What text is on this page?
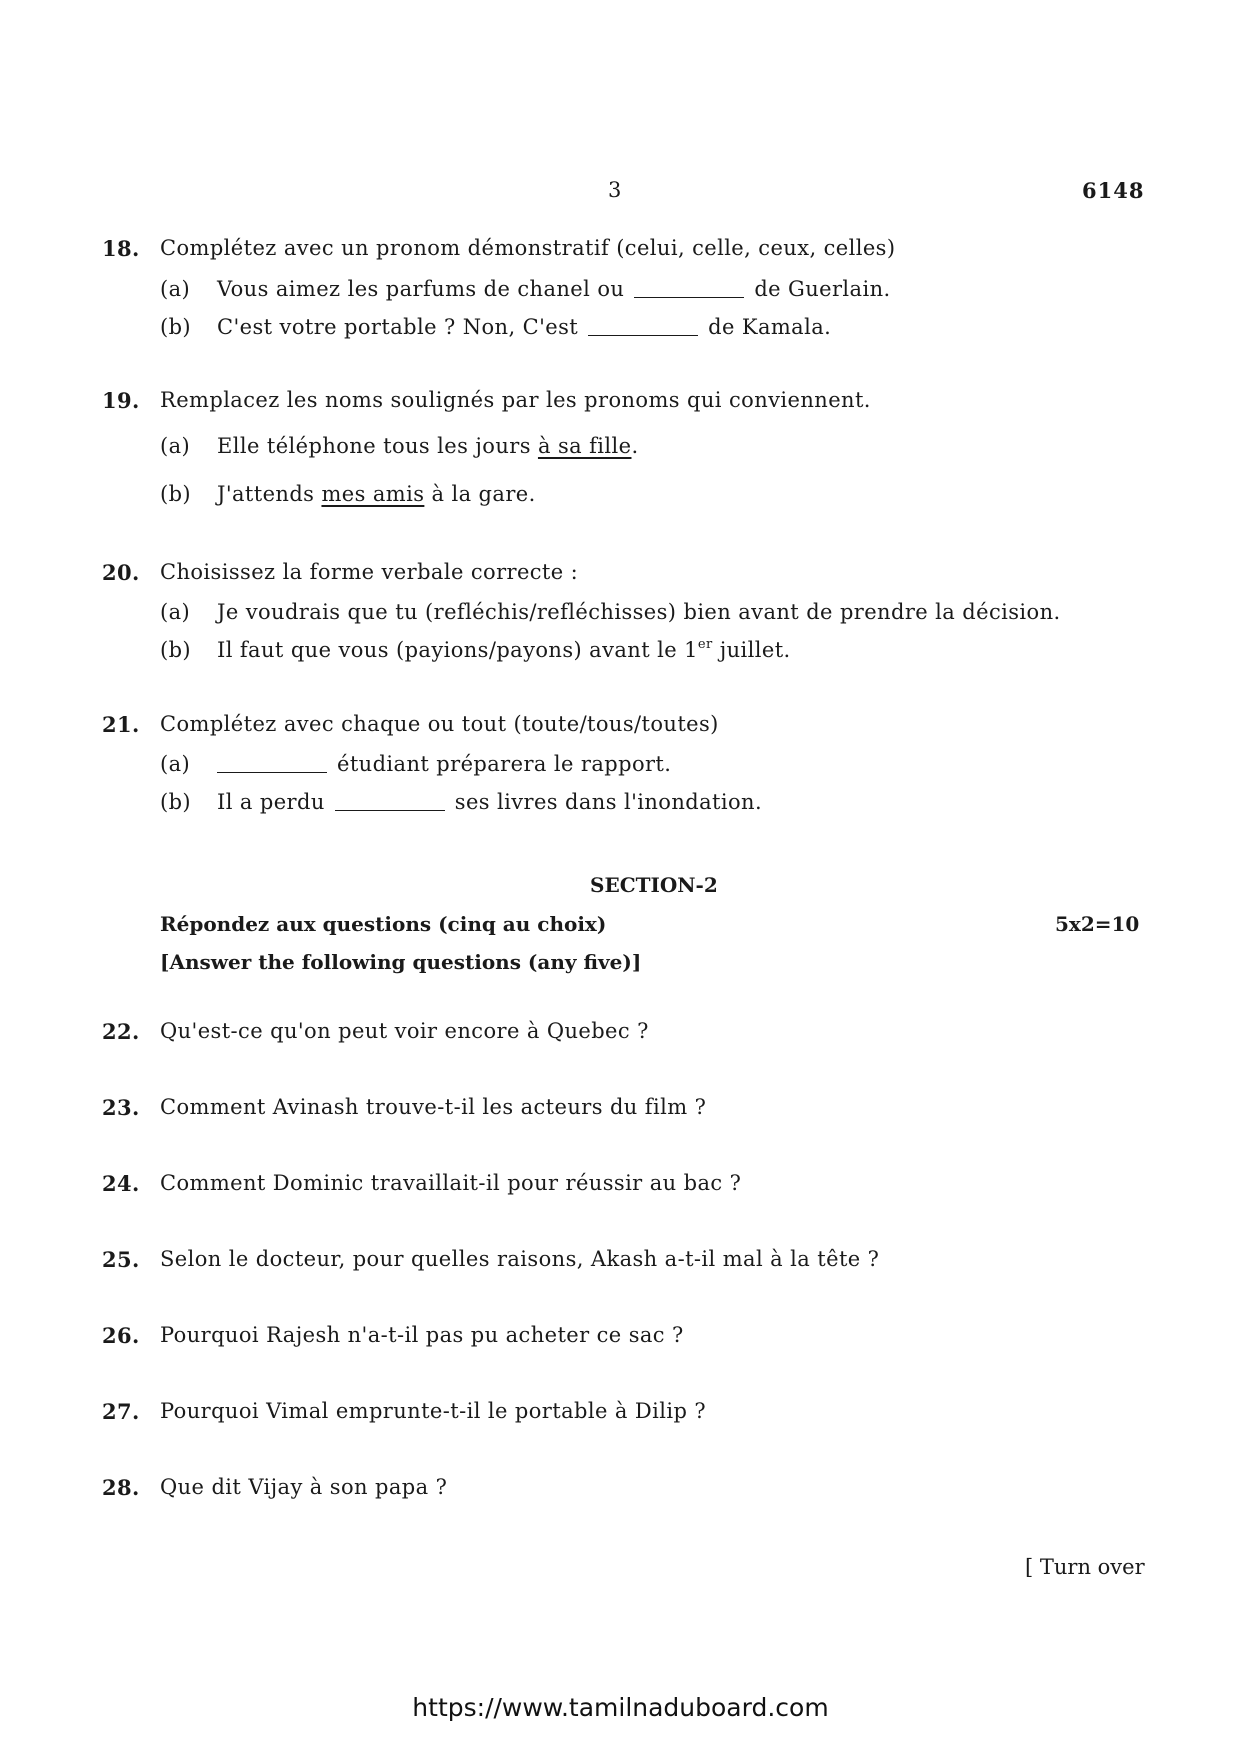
3	6148
18. Complétez avec un pronom démonstratif (celui, celle, ceux, celles)
(a) Vous aimez les parfums de chanel ou	de Guerlain.
(b) C'est votre portable ? Non, C'est	de Kamala.
19. Remplacez les noms soulignés par les pronoms qui conviennent.
(a) Elle téléphone tous les jours à sa fille.
(b) J'attends mes amis à la gare.
20. Choisissez la forme verbale correcte :
(a) Je voudrais que tu (refléchis/refléchisses) bien avant de prendre la décision.
(b) Il faut que vous (payions/payons) avant le 1er juillet.
21. Complétez avec chaque ou tout (toute/tous/toutes)
(a)	étudiant préparera le rapport.
(b) Il a perdu	ses livres dans l'inondation.
SECTION-2
Répondez aux questions (cinq au choix)	5x2=10
[Answer the following questions (any five)]
22. Qu'est-ce qu'on peut voir encore à Quebec ?
23. Comment Avinash trouve-t-il les acteurs du film ?
24. Comment Dominic travaillait-il pour réussir au bac ?
25. Selon le docteur, pour quelles raisons, Akash a-t-il mal à la tête ?
26. Pourquoi Rajesh n'a-t-il pas pu acheter ce sac ?
27. Pourquoi Vimal emprunte-t-il le portable à Dilip ?
28. Que dit Vijay à son papa ?
[ Turn over
https://www.tamilnaduboard.com
